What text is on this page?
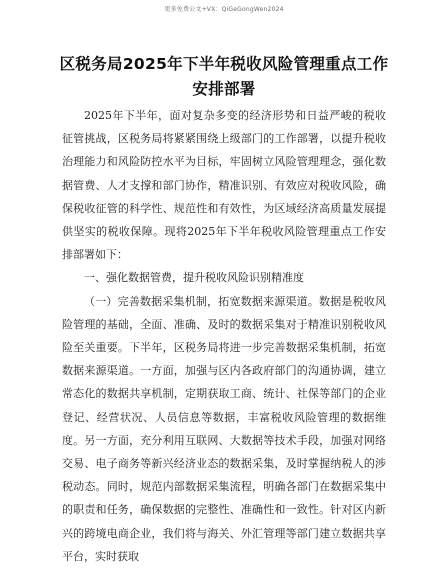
更多免费公文+VX：QiGeGongWen2024
区税务局2025年下半年税收风险管理重点工作
安排部署

2025年下半年，面对复杂多变的经济形势和日益严峻的税收征管挑战，区税务局将紧紧围绕上级部门的工作部署，以提升税收治理能力和风险防控水平为目标，牢固树立风险管理理念，强化数据管费、人才支撑和部门协作，精准识别、有效应对税收风险，确保税收征管的科学性、规范性和有效性，为区域经济高质量发展提供坚实的税收保障。现将2025年下半年税收风险管理重点工作安排部署如下：

一、强化数据管费，提升税收风险识别精准度

（一）完善数据采集机制，拓宽数据来源渠道。数据是税收风险管理的基础，全面、准确、及时的数据采集对于精准识别税收风险至关重要。下半年，区税务局将进一步完善数据采集机制，拓宽数据来源渠道。一方面，加强与区内各政府部门的沟通协调，建立常态化的数据共享机制，定期获取工商、统计、社保等部门的企业登记、经营状况、人员信息等数据，丰富税收风险管理的数据维度。另一方面，充分利用互联网、大数据等技术手段，加强对网络交易、电子商务等新兴经济业态的数据采集，及时掌握纳税人的涉税动态。同时，规范内部数据采集流程，明确各部门在数据采集中的职责和任务，确保数据的完整性、准确性和一致性。针对区内新兴的跨境电商企业，我们将与海关、外汇管理等部门建立数据共享平台，实时获取
